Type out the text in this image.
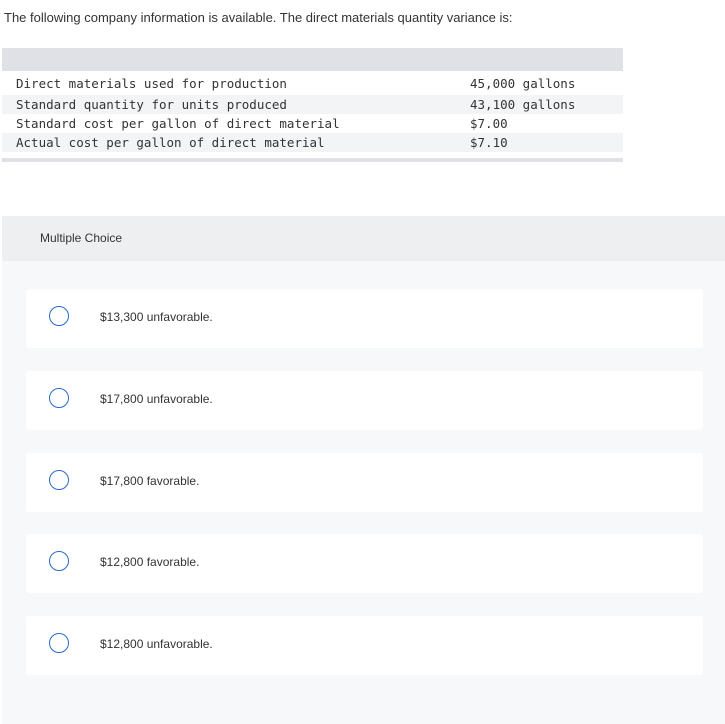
The following company information is available. The direct materials quantity variance is:
Direct materials used for production	45,000 gallons
Standard quantity for units produced	43,100 gallons
Standard cost per gallon of direct material	$7.00
Actual cost per gallon of direct material	$7.10
Multiple Choice
$13,300 unfavorable.
$17,800 unfavorable.
$17,800 favorable.
$12,800 favorable.
$12,800 unfavorable.
